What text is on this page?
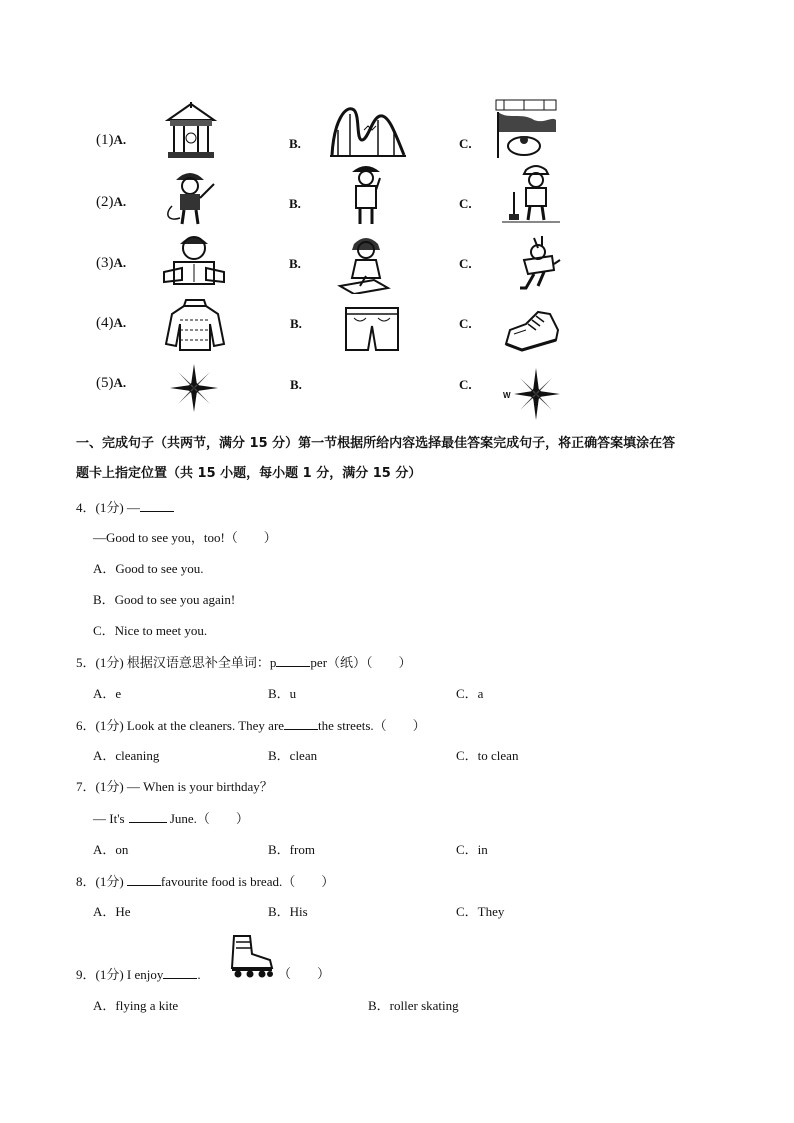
(1)A.	B.	C.
(2)A.	B.	C.
(3)A.	B.	C.
(4)A.	B.	C.
(5)A.	B.	C.
W
一、完成句子（共两节，满分 15 分）第一节根据所给内容选择最佳答案完成句子，将正确答案填涂在答
题卡上指定位置（共 15 小题，每小题 1 分，满分 15 分）
4．(1分) —
—Good to see you，too!（　　）
A．Good to see you.
B．Good to see you again!
C．Nice to meet you.
5．(1分) 根据汉语意思补全单词：p	per（纸）（　　）
A．e	B．u	C．a
6．(1分) Look at the cleaners. They are	the streets.（　　）
A．cleaning	B．clean	C．to clean
7．(1分) — When is your birthday？
— It's	June.（　　）
A．on	B．from	C．in
8．(1分)	favourite food is bread.（　　）
A．He	B．His	C．They
9．(1分) I enjoy	.	（　　）
A．flying a kite	B．roller skating
